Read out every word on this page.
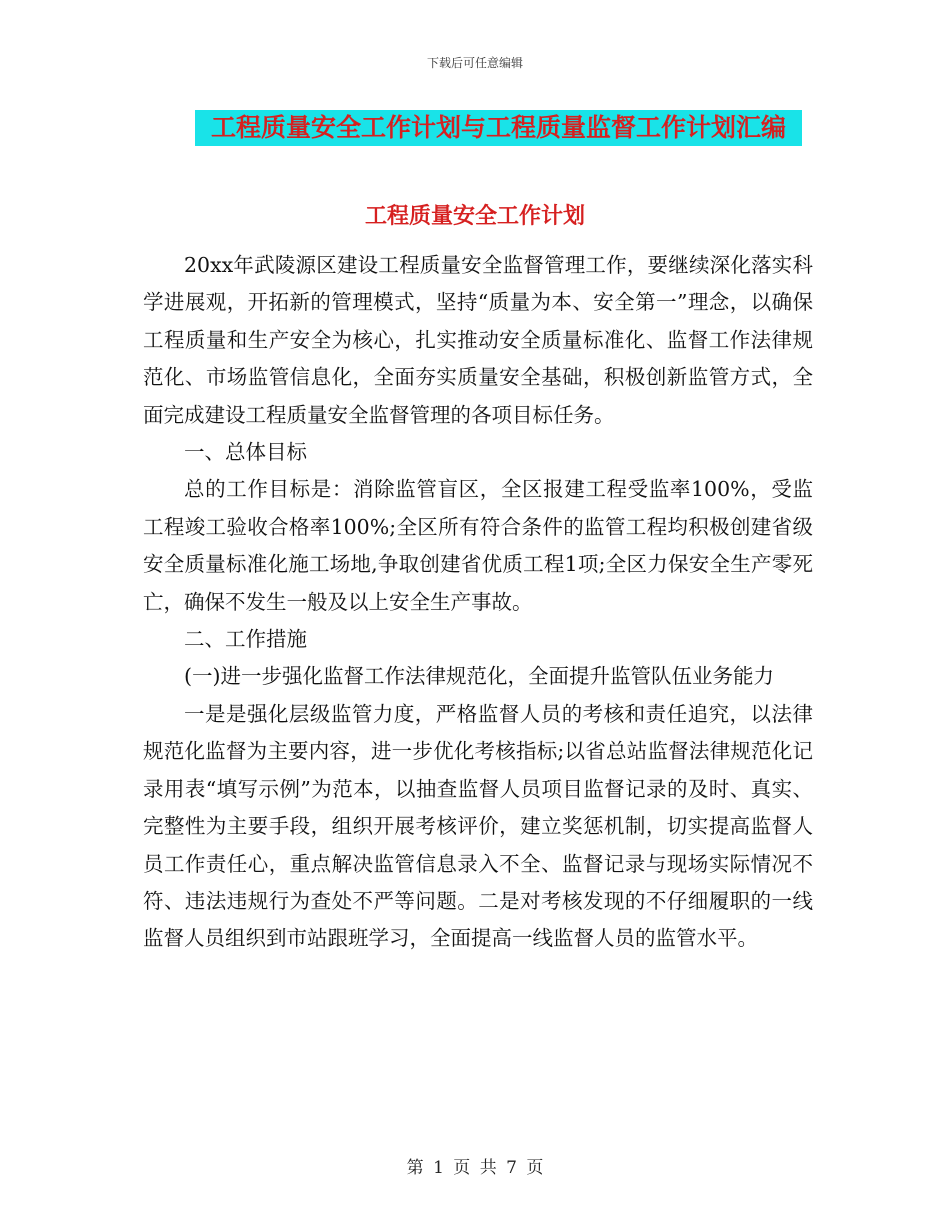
下载后可任意编辑
工程质量安全工作计划与工程质量监督工作计划汇编
工程质量安全工作计划

20xx年武陵源区建设工程质量安全监督管理工作，要继续深化落实科学进展观，开拓新的管理模式，坚持“质量为本、安全第一”理念，以确保工程质量和生产安全为核心，扎实推动安全质量标准化、监督工作法律规范化、市场监管信息化，全面夯实质量安全基础，积极创新监管方式，全面完成建设工程质量安全监督管理的各项目标任务。

一、总体目标

总的工作目标是：消除监管盲区，全区报建工程受监率100%，受监工程竣工验收合格率100%;全区所有符合条件的监管工程均积极创建省级安全质量标准化施工场地,争取创建省优质工程1项;全区力保安全生产零死亡，确保不发生一般及以上安全生产事故。

二、工作措施

(一)进一步强化监督工作法律规范化，全面提升监管队伍业务能力

一是是强化层级监管力度，严格监督人员的考核和责任追究，以法律规范化监督为主要内容，进一步优化考核指标;以省总站监督法律规范化记录用表“填写示例”为范本，以抽查监督人员项目监督记录的及时、真实、完整性为主要手段，组织开展考核评价，建立奖惩机制，切实提高监督人员工作责任心，重点解决监管信息录入不全、监督记录与现场实际情况不符、违法违规行为查处不严等问题。二是对考核发现的不仔细履职的一线监督人员组织到市站跟班学习，全面提高一线监督人员的监管水平。

第 1 页 共 7 页
